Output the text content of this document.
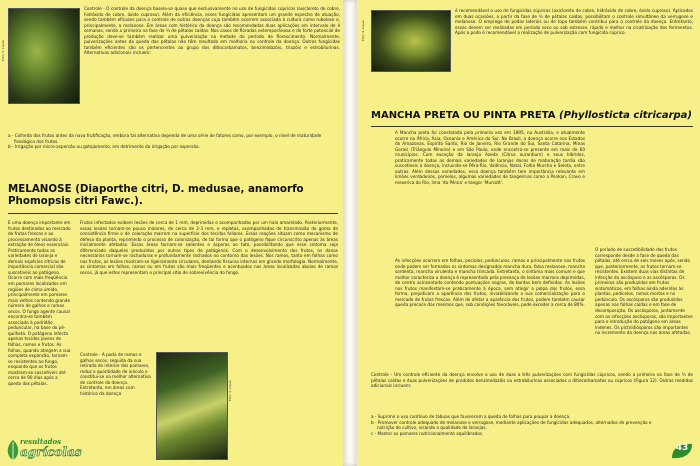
Foto: S. Lopes

Controle - O controle da doença baseia-se quase que exclusivamente no uso de fungicidas cúpricos (oxicloreto de cobre, hidróxido de cobre, óxido cuproso). Além da eficiência, esses fungicidas apresentam um grande espectro de atuação, sendo também eficazes para o controle de outras doenças cuja também ocorrem associada à cultura como rubelose e, principalmente, a melanose. Em áreas com histórico da doença são recomendadas duas aplicações em intervalo de 4 semanas, sendo a primeira na fase de ¾ de pétalas caídas. Nos casos de floradas extemporâneas e de forte potencial de produção deve-se também realizar uma pulverização na metade do período de florescimento. Normalmente, pulverizações antes da queda das pétalas não têm resultado em melhoria no controle da doença. Outros fungicidas também eficientes são os pertencentes ao grupo dos ditiocarbamatos, benzimidazóis, triazóis e estrobilurinas. Alternativas adicionais incluem:

a - Colheita dos frutos antes da nova frutificação, embora tal alternativa dependa de uma série de fatores como, por exemplo, o nível de maturidade fisiológica dos frutos.
b - Irrigação por micro-aspersão ou gotejamento, em detrimento da irrigação por aspersão.
MELANOSE (Diaporthe citri, D. medusae, anamorfo Phomopsis citri Fawc.).

É uma doença importante em frutos destinados ao mercado de frutas frescas e ao processamento visando à extração de óleos essenciais. Praticamente todas as variedades de laranja e demais espécies cítricas de importância comercial são suscetíveis ao patógeno. Ocorre com mais freqüência em pomares localizados em regiões de clima úmido, principalmente em pomares mais velhos contendo grande número de galhos e ramos secos. O fungo agente causal encontra-se também associado à podridão peduncular, na base do pé-quilheta. O patógeno infecta apenas tecidos jovens de folhas, ramos e frutos. As folhas, quando atingem a sua completa expansão, tornam-se resistentes ao fungo, enquanto que os frutos mostram-se suscetíveis até cerca de 90 dias após a queda das pétalas.

Frutos infectados exibem lesões de cerca de 1 mm, deprimidas e acompanhadas por um halo amarelado. Posteriormente, essas lesões tornam-se pouco maiores, de cerca de 2-3 mm, e repletas, acompanhadas de transmissão de goma de consistência firme e de coloração marrom na superfície dos tecidos foliares. Essas reações situam como mecanismo de defesa da planta, reprimindo o processo de colonização, de tal forma que o patógeno fique circunscrito apenas às áreas inicialmente afetadas. Essas áreas tornam-se salientes e ásperas ao tato, possibilitando que esse sintoma seja diferenciado daqueles produzidos por outros tipos de patógenos. Com o desenvolvimento dos frutos, os danos necessários tornam-se rachaduras e profundamente rachados no contorno das lesões. Nos ramos, tanto em folhas como nos frutos, as lesões mostram-se ligeiramente circulares, dentando fissuras internas em grande morfologia. Normalmente, as sintomas em folhas, ramos ou em frutos são mais freqüentes e acentuados nas áreas localizadas abaixo de ramos secos, já que estes representam o principal sítio de sobrevivência do fungo.

Controle - A poda de ramos e galhos secos, seguida da sua retirada do interior dos pomares, reduz a quantidade de inóculo e constitui-se na melhor alternativa de controle da doença. Entretanto, em áreas com histórico da doença	Foto: S. Lopes
resultados
agrícolas
Foto: S. Lopes

é recomendável o uso de fungicidas cúpricos (oxicloreto de cobre, hidróxido de cobre, óxido cuproso). Aplicados em duas ocasiões, a partir da fase de ¾ de pétalas caídas, possibilitam o controle simultâneo da verrugose e melanose. O emprego de podas laterais ou de topo também contribui para o controle da doença. Entretanto, essas devem ser realizadas em período seco ou sob estresse, rápido e melhor na cicatrização dos ferimentos. Após a poda é recomendável a realização de pulverização com fungicida cúprico.

MANCHA PRETA OU PINTA PRETA (Phyllosticta citricarpa)

A Mancha preta foi constatada pela primeira vez em 1895, na Austrália, e atualmente ocorre na África, Ásia, Oceania e América do Sul. No Brasil, a doença ocorre nos Estados do Amazonas, Espírito Santo, Rio de Janeiro, Rio Grande do Sul, Santa Catarina, Minas Gerais (Triângulo Mineiro) e em São Paulo, onde encontra-se presente em mais de 60 municípios. Com exceção da laranja Azeda (Citrus aurantium) e seus híbridos, praticamente todas as demais variedades de laranjas doces de maturação tardia são suscetíveis à doença, incluindo-se Pêra-Rio, Valência, Natal, Folha Murcha e Seleta, entre outras. Além dessas variedades, essa doença também tem importância relevante em limões verdadeiros, pomelos, algumas variedades de tangerinas como a Ponkan, Cravo e mexerica do Rio, lima 'da Pérsia' e tangor 'Murcott'.

As infecções ocorrem em folhas, pecíolos, pedúnculos, ramos e principalmente nos frutos onde podem ser formados os sintomas designados mancha dura, falsa melanose, mancha sardenta, mancha virulenta e mancha trincada. Entretanto, o sintoma mais comum e que melhor caracteriza a doença é representado pela presença de lesões marrons deprimidas, de centro acinzentado contendo pontuações negras, de bordas bem definidas. As lesões nos frutos manifestam-se praticamente à época, sem atingir a polpa dos frutos, essa forma, prejudicam a aparência dos frutos, inviabilizando a sua comercialização para o mercado de frutas frescas. Além de afetar a aparência dos frutos, podem também causar queda precoce dos mesmos que, sob condições favoráveis, pode exceder a cerca de 80%.

O período de suscetibilidade dos frutos corresponde desde a fase de queda das pétalas, até cerca de seis meses após, sendo que, posteriormente, os frutos tornam-se resistentes. Existem duas vias distintas de infecção do ascósporo e as ascósporas. Os primeiros são produzidos em frutos sintomáticos, em folhas ainda aderidas às plantas, pedicelos, ramos mortos e no pedúnculo. Os ascósporos são produzidos apenas nas folhas caídas e em fase de decomposição. Os ascósporos, juntamente com as infecções ascósporas, são importantes para o introdução do patógeno em áreas indenes. Os pictnidiósporos são importantes no incremento da doença nas áreas afetadas.

Controle - Um controle eficiente da doença envolve o uso de duas a três pulverizações com fungicidas cúpricos, sendo a primeira na fase de ¾ de pétalas caídas e duas pulverizações de produtos benzimidazóis ou estrobilurinas associados a ditiocarbamatos ou cúpricos (Figura 12). Outras medidas adicionais incluem:

a - Suprimir o uso contínuo de tabuas que favorecem a queda de folhas para poupar a doença.
b - Promover controle adequado de melanose e verrugose, mediante aplicações de fungicidas adequados, alternados de prevenção e nutrição do cultivo, visando a qualidade de laranjas.
c - Manter os pomares nutricionalmente equilibrados.
43
